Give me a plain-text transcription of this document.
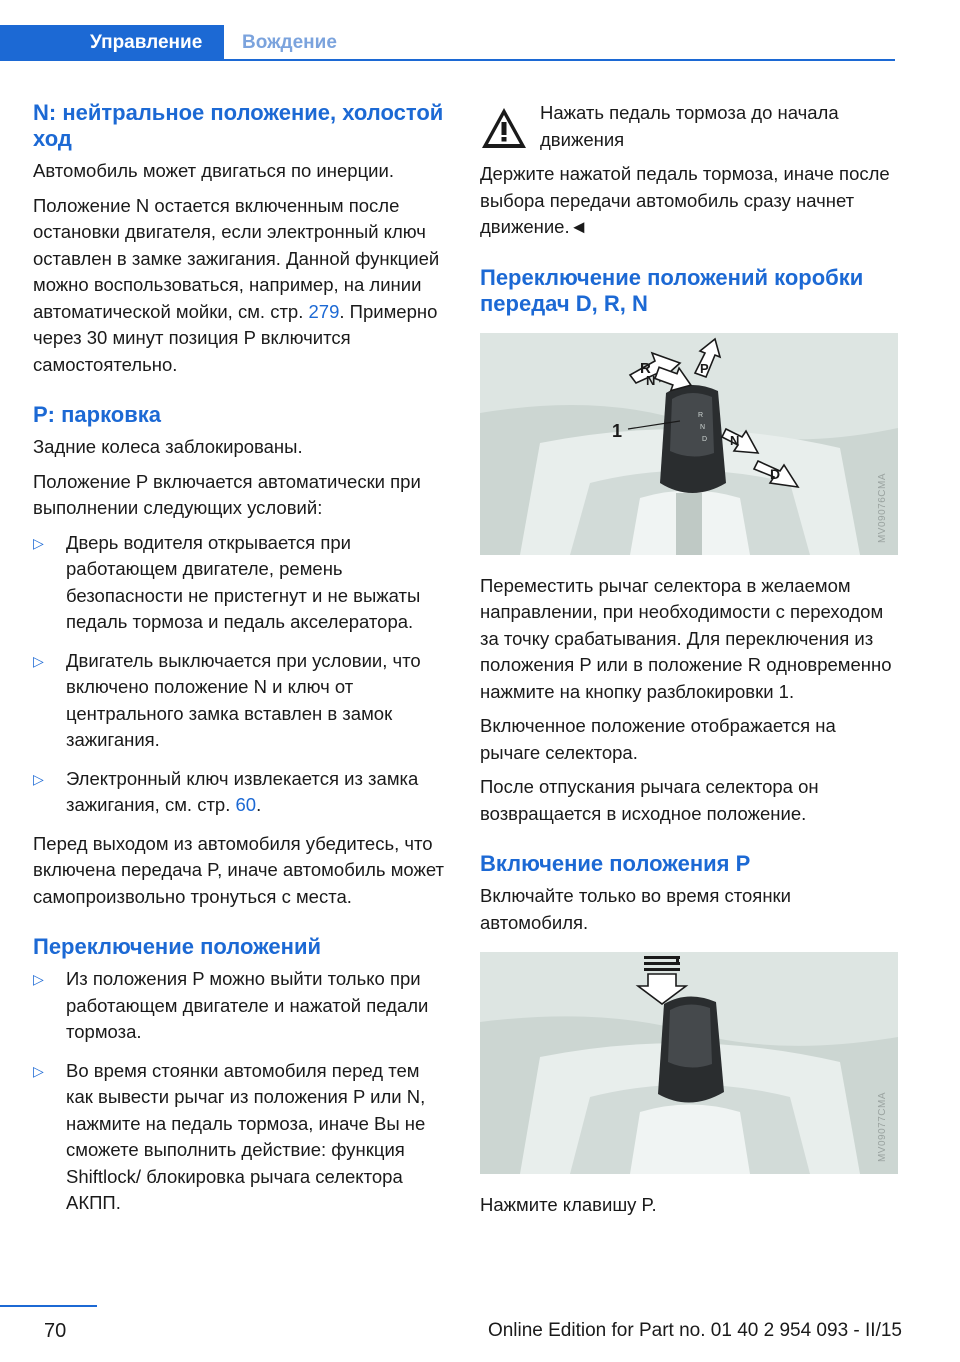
Управление	Вождение
N: нейтральное положение, холостой ход

Автомобиль может двигаться по инерции.

Положение N остается включенным после остановки двигателя, если электронный ключ оставлен в замке зажигания. Данной функцией можно воспользоваться, например, на линии автоматической мойки, см. стр. 279. Примерно через 30 минут позиция P включится самостоятельно.

P: парковка

Задние колеса заблокированы.

Положение P включается автоматически при выполнении следующих условий:

▷ Дверь водителя открывается при работающем двигателе, ремень безопасности не пристегнут и не выжаты педаль тормоза и педаль акселератора.
▷ Двигатель выключается при условии, что включено положение N и ключ от центрального замка вставлен в замок зажигания.
▷ Электронный ключ извлекается из замка зажигания, см. стр. 60.

Перед выходом из автомобиля убедитесь, что включена передача P, иначе автомобиль может самопроизвольно тронуться с места.

Переключение положений
▷ Из положения P можно выйти только при работающем двигателе и нажатой педали тормоза.
▷ Во время стоянки автомобиля перед тем как вывести рычаг из положения P или N, нажмите на педаль тормоза, иначе Вы не сможете выполнить действие: функция Shiftlock/ блокировка рычага селектора АКПП.

Нажать педаль тормоза до начала движения

Держите нажатой педаль тормоза, иначе после выбора передачи автомобиль сразу начнет движение.◄

Переключение положений коробки передач D, R, N
R
N
D
R
N
P
N
D
1
MV09076CMA

Переместить рычаг селектора в желаемом направлении, при необходимости с переходом за точку срабатывания. Для переключения из положения P или в положение R одновременно нажмите на кнопку разблокировки 1.

Включенное положение отображается на рычаге селектора.

После отпускания рычага селектора он возвращается в исходное положение.

Включение положения P

Включайте только во время стоянки автомобиля.

MV09077CMA

Нажмите клавишу P.

70	Online Edition for Part no. 01 40 2 954 093 - II/15
